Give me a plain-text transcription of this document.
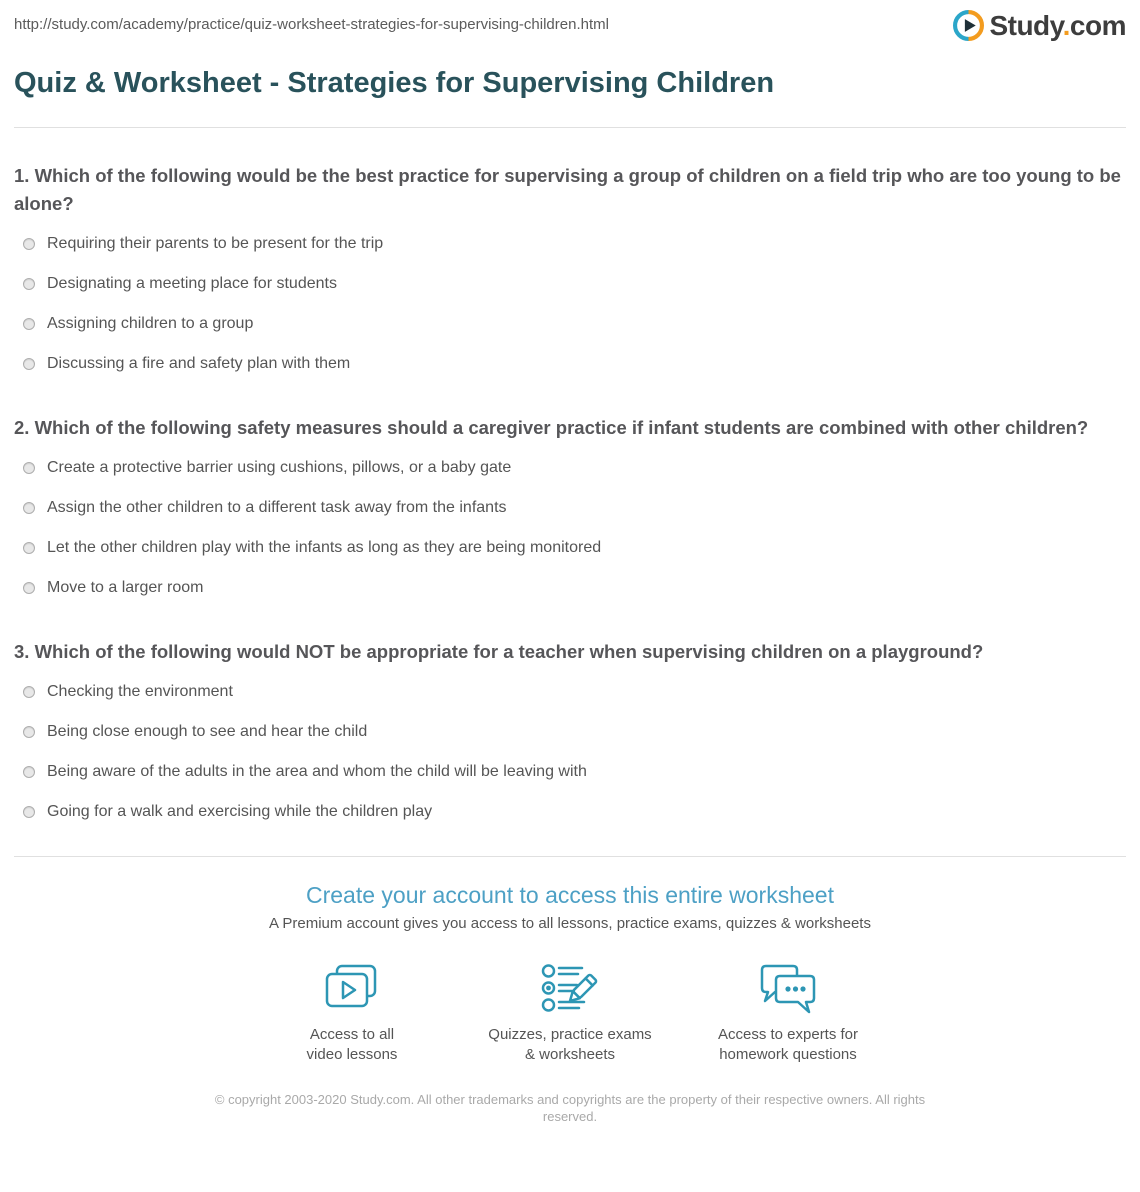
http://study.com/academy/practice/quiz-worksheet-strategies-for-supervising-children.html	Study.com
Quiz & Worksheet - Strategies for Supervising Children
1. Which of the following would be the best practice for supervising a group of children on a field trip who are too young to be alone?
Requiring their parents to be present for the trip
Designating a meeting place for students
Assigning children to a group
Discussing a fire and safety plan with them
2. Which of the following safety measures should a caregiver practice if infant students are combined with other children?
Create a protective barrier using cushions, pillows, or a baby gate
Assign the other children to a different task away from the infants
Let the other children play with the infants as long as they are being monitored
Move to a larger room
3. Which of the following would NOT be appropriate for a teacher when supervising children on a playground?
Checking the environment
Being close enough to see and hear the child
Being aware of the adults in the area and whom the child will be leaving with
Going for a walk and exercising while the children play
Create your account to access this entire worksheet
A Premium account gives you access to all lessons, practice exams, quizzes & worksheets
Access to all
video lessons
Quizzes, practice exams
& worksheets
Access to experts for
homework questions
© copyright 2003-2020 Study.com. All other trademarks and copyrights are the property of their respective owners. All rights reserved.
